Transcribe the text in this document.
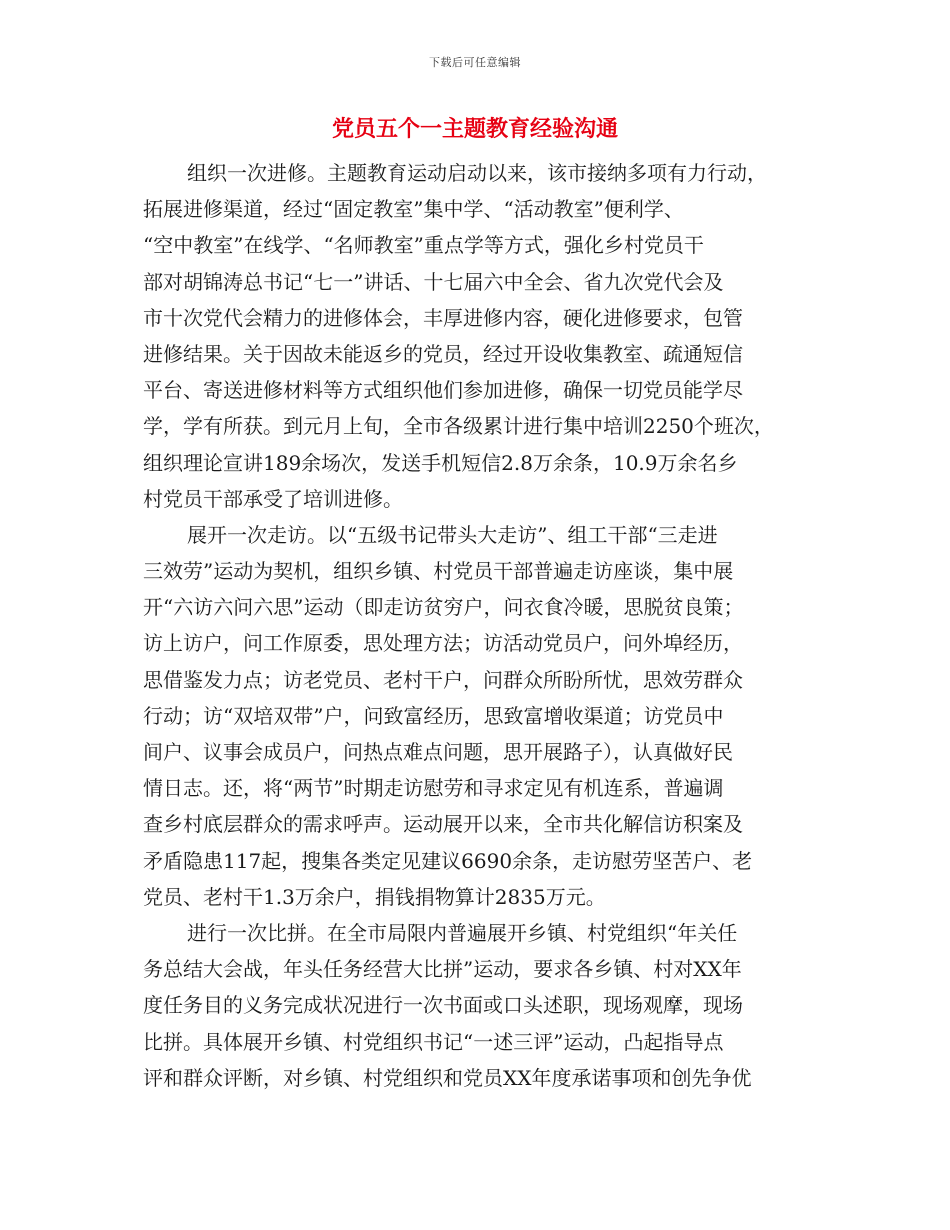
下载后可任意编辑
党员五个一主题教育经验沟通
组织一次进修。主题教育运动启动以来，该市接纳多项有力行动，
拓展进修渠道，经过“固定教室”集中学、“活动教室”便利学、
“空中教室”在线学、“名师教室”重点学等方式，强化乡村党员干
部对胡锦涛总书记“七一”讲话、十七届六中全会、省九次党代会及
市十次党代会精力的进修体会，丰厚进修内容，硬化进修要求，包管
进修结果。关于因故未能返乡的党员，经过开设收集教室、疏通短信
平台、寄送进修材料等方式组织他们参加进修，确保一切党员能学尽
学，学有所获。到元月上旬，全市各级累计进行集中培训2250个班次，
组织理论宣讲189余场次，发送手机短信2.8万余条，10.9万余名乡
村党员干部承受了培训进修。
展开一次走访。以“五级书记带头大走访”、组工干部“三走进
三效劳”运动为契机，组织乡镇、村党员干部普遍走访座谈，集中展
开“六访六问六思”运动（即走访贫穷户，问衣食冷暖，思脱贫良策；
访上访户，问工作原委，思处理方法；访活动党员户，问外埠经历，
思借鉴发力点；访老党员、老村干户，问群众所盼所忧，思效劳群众
行动；访“双培双带”户，问致富经历，思致富增收渠道；访党员中
间户、议事会成员户，问热点难点问题，思开展路子），认真做好民
情日志。还，将“两节”时期走访慰劳和寻求定见有机连系，普遍调
查乡村底层群众的需求呼声。运动展开以来，全市共化解信访积案及
矛盾隐患117起，搜集各类定见建议6690余条，走访慰劳坚苦户、老
党员、老村干1.3万余户，捐钱捐物算计2835万元。
进行一次比拼。在全市局限内普遍展开乡镇、村党组织“年关任
务总结大会战，年头任务经营大比拼”运动，要求各乡镇、村对XX年
度任务目的义务完成状况进行一次书面或口头述职，现场观摩，现场
比拼。具体展开乡镇、村党组织书记“一述三评”运动，凸起指导点
评和群众评断，对乡镇、村党组织和党员XX年度承诺事项和创先争优
